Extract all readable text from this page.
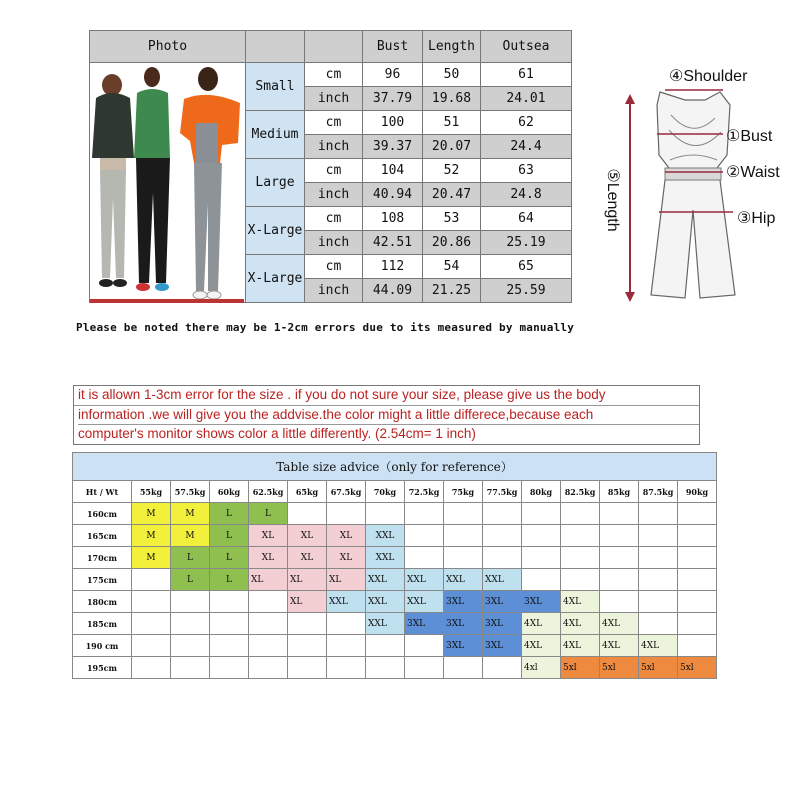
Photo			Bust	Length	Outsea
	Small	cm	96	50	61
		inch	37.79	19.68	24.01
	Medium	cm	100	51	62
		inch	39.37	20.07	24.4
	Large	cm	104	52	63
		inch	40.94	20.47	24.8
	X-Large	cm	108	53	64
		inch	42.51	20.86	25.19
	X-Large	cm	112	54	65
		inch	44.09	21.25	25.59
Please be noted there may be 1-2cm errors due to its measured by manually
④Shoulder
①Bust
②Waist
③Hip
⑤Length
it is allown 1-3cm error for the size . if you do not sure your size, please give us the body
information .we will give you the addvise.the color might a little differece,because each
computer's monitor shows color a little differently. (2.54cm= 1 inch)
Table size advice（only for reference）															
Ht / Wt	55kg	57.5kg	60kg	62.5kg	65kg	67.5kg	70kg	72.5kg	75kg	77.5kg	80kg	82.5kg	85kg	87.5kg	90kg
160cm	M	M	L	L											
165cm	M	M	L	XL	XL	XL	XXL								
170cm	M	L	L	XL	XL	XL	XXL								
175cm		L	L	XL	XL	XL	XXL	XXL	XXL	XXL					
180cm					XL	XXL	XXL	XXL	3XL	3XL	3XL	4XL			
185cm							XXL	3XL	3XL	3XL	4XL	4XL	4XL		
190 cm									3XL	3XL	4XL	4XL	4XL	4XL	
195cm											4xl	5xl	5xl	5xl	5xl
